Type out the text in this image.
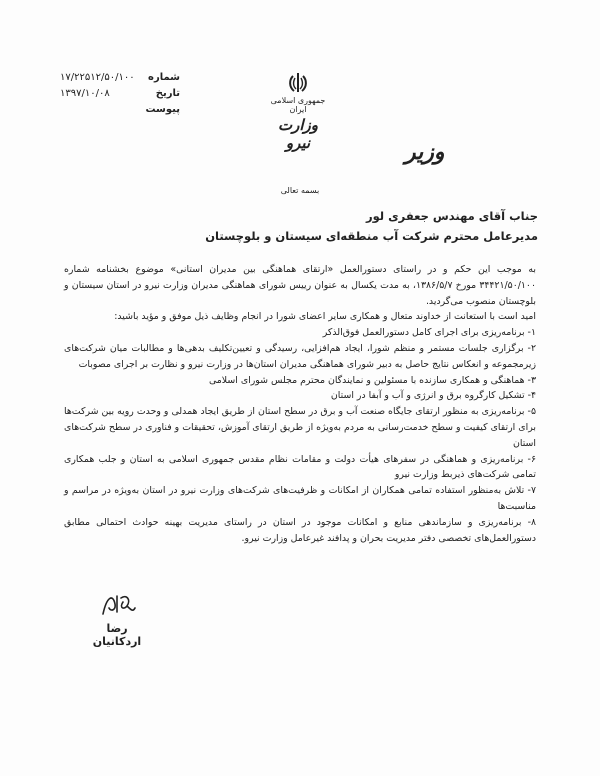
شماره
۱۷/۲۲۵۱۲/۵۰/۱۰۰
تاریخ
۱۳۹۷/۱۰/۰۸
پیوست
جمهوری اسلامی ایران
وزارت نیرو	وزیر
بسمه تعالی
جناب آقای مهندس جعفری لور
مدیرعامل محترم شرکت آب منطقه‌ای سیستان و بلوچستان

به موجب این حکم و در راستای دستورالعمل «ارتقای هماهنگی بین مدیران استانی» موضوع بخشنامه شماره ۳۴۴۲۱/۵۰/۱۰۰ مورخ ۱۳۸۶/۵/۷، به مدت یکسال به عنوان رییس شورای هماهنگی مدیران وزارت نیرو در استان سیستان و بلوچستان منصوب می‌گردید.

امید است با استعانت از خداوند متعال و همکاری سایر اعضای شورا در انجام وظایف ذیل موفق و مؤید باشید:

۱- برنامه‌ریزی برای اجرای کامل دستورالعمل فوق‌الذکر
۲- برگزاری جلسات مستمر و منظم شورا، ایجاد هم‌افزایی، رسیدگی و تعیین‌تکلیف بدهی‌ها و مطالبات میان شرکت‌های زیرمجموعه و انعکاس نتایج حاصل به دبیر شورای هماهنگی مدیران استان‌ها در وزارت نیرو و نظارت بر اجرای مصوبات
۳- هماهنگی و همکاری سازنده با مسئولین و نمایندگان محترم مجلس شورای اسلامی
۴- تشکیل کارگروه برق و انرژی و آب و آبفا در استان
۵- برنامه‌ریزی به منظور ارتقای جایگاه صنعت آب و برق در سطح استان از طریق ایجاد همدلی و وحدت رویه بین شرکت‌ها برای ارتقای کیفیت و سطح خدمت‌رسانی به مردم به‌ویژه از طریق ارتقای آموزش، تحقیقات و فناوری در سطح شرکت‌های استان
۶- برنامه‌ریزی و هماهنگی در سفرهای هیأت دولت و مقامات نظام مقدس جمهوری اسلامی به استان و جلب همکاری تمامی شرکت‌های ذیربط وزارت نیرو
۷- تلاش به‌منظور استفاده تمامی همکاران از امکانات و ظرفیت‌های شرکت‌های وزارت نیرو در استان به‌ویژه در مراسم و مناسبت‌ها
۸- برنامه‌ریزی و سازماندهی منابع و امکانات موجود در استان در راستای مدیریت بهینه حوادث احتمالی مطابق دستورالعمل‌های تخصصی دفتر مدیریت بحران و پدافند غیرعامل وزارت نیرو.
رضا اردکانیان
